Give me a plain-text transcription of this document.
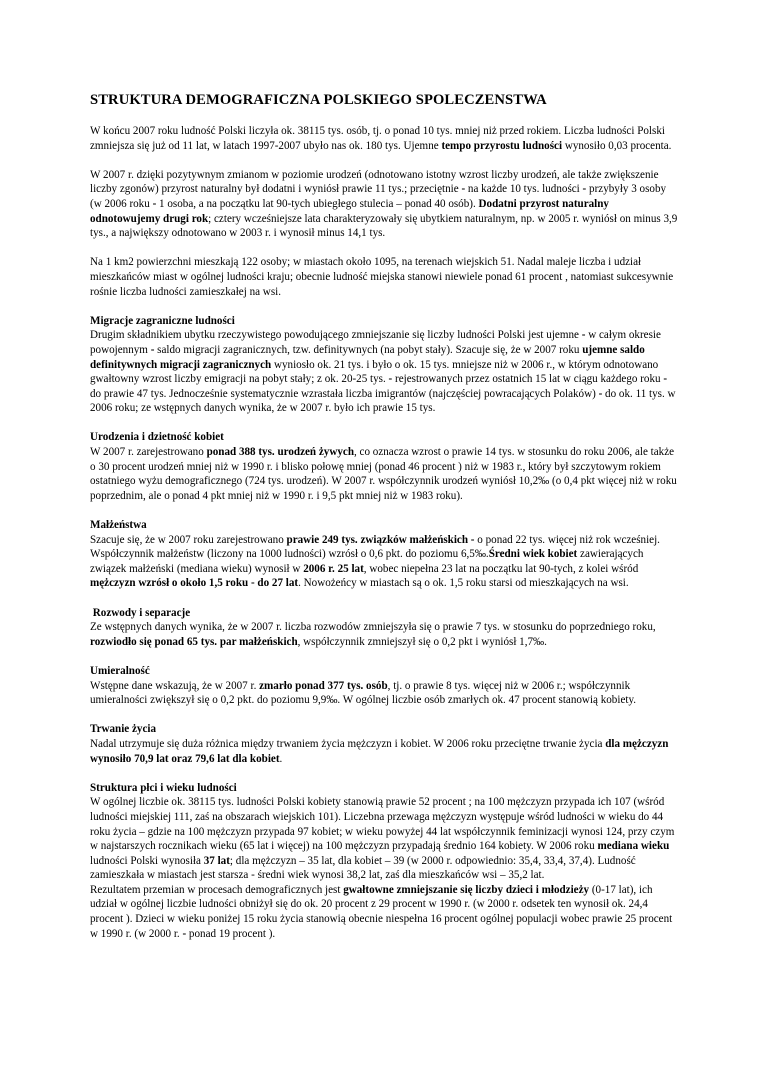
STRUKTURA DEMOGRAFICZNA POLSKIEGO SPOLECZENSTWA

W końcu 2007 roku ludność Polski liczyła ok. 38115 tys. osób, tj. o ponad 10 tys. mniej niż przed rokiem. Liczba ludności Polski zmniejsza się już od 11 lat, w latach 1997-2007 ubyło nas ok. 180 tys. Ujemne tempo przyrostu ludności wynosiło 0,03 procenta.

W 2007 r. dzięki pozytywnym zmianom w poziomie urodzeń (odnotowano istotny wzrost liczby urodzeń, ale także zwiększenie liczby zgonów) przyrost naturalny był dodatni i wyniósł prawie 11 tys.; przeciętnie - na każde 10 tys. ludności - przybyły 3 osoby (w 2006 roku - 1 osoba, a na początku lat 90-tych ubiegłego stulecia – ponad 40 osób). Dodatni przyrost naturalny odnotowujemy drugi rok; cztery wcześniejsze lata charakteryzowały się ubytkiem naturalnym, np. w 2005 r. wyniósł on minus 3,9 tys., a największy odnotowano w 2003 r. i wynosił minus 14,1 tys.

Na 1 km2 powierzchni mieszkają 122 osoby; w miastach około 1095, na terenach wiejskich 51. Nadal maleje liczba i udział mieszkańców miast w ogólnej ludności kraju; obecnie ludność miejska stanowi niewiele ponad 61 procent , natomiast sukcesywnie rośnie liczba ludności zamieszkałej na wsi.

Migracje zagraniczne ludności
Drugim składnikiem ubytku rzeczywistego powodującego zmniejszanie się liczby ludności Polski jest ujemne - w całym okresie powojennym - saldo migracji zagranicznych, tzw. definitywnych (na pobyt stały). Szacuje się, że w 2007 roku ujemne saldo definitywnych migracji zagranicznych wyniosło ok. 21 tys. i było o ok. 15 tys. mniejsze niż w 2006 r., w którym odnotowano gwałtowny wzrost liczby emigracji na pobyt stały; z ok. 20-25 tys. - rejestrowanych przez ostatnich 15 lat w ciągu każdego roku - do prawie 47 tys. Jednocześnie systematycznie wzrastała liczba imigrantów (najczęściej powracających Polaków) - do ok. 11 tys. w 2006 roku; ze wstępnych danych wynika, że w 2007 r. było ich prawie 15 tys.

Urodzenia i dzietność kobiet
W 2007 r. zarejestrowano ponad 388 tys. urodzeń żywych, co oznacza wzrost o prawie 14 tys. w stosunku do roku 2006, ale także o 30 procent urodzeń mniej niż w 1990 r. i blisko połowę mniej (ponad 46 procent ) niż w 1983 r., który był szczytowym rokiem ostatniego wyżu demograficznego (724 tys. urodzeń). W 2007 r. współczynnik urodzeń wyniósł 10,2‰ (o 0,4 pkt więcej niż w roku poprzednim, ale o ponad 4 pkt mniej niż w 1990 r. i 9,5 pkt mniej niż w 1983 roku).

Małżeństwa
Szacuje się, że w 2007 roku zarejestrowano prawie 249 tys. związków małżeńskich - o ponad 22 tys. więcej niż rok wcześniej. Współczynnik małżeństw (liczony na 1000 ludności) wzrósł o 0,6 pkt. do poziomu 6,5‰.Średni wiek kobiet zawierających związek małżeński (mediana wieku) wynosił w 2006 r. 25 lat, wobec niepełna 23 lat na początku lat 90-tych, z kolei wśród mężczyzn wzrósł o około 1,5 roku - do 27 lat. Nowożeńcy w miastach są o ok. 1,5 roku starsi od mieszkających na wsi.

Rozwody i separacje
Ze wstępnych danych wynika, że w 2007 r. liczba rozwodów zmniejszyła się o prawie 7 tys. w stosunku do poprzedniego roku, rozwiodło się ponad 65 tys. par małżeńskich, współczynnik zmniejszył się o 0,2 pkt i wyniósł 1,7‰.

Umieralność
Wstępne dane wskazują, że w 2007 r. zmarło ponad 377 tys. osób, tj. o prawie 8 tys. więcej niż w 2006 r.; współczynnik umieralności zwiększył się o 0,2 pkt. do poziomu 9,9‰. W ogólnej liczbie osób zmarłych ok. 47 procent stanowią kobiety.

Trwanie życia
Nadal utrzymuje się duża różnica między trwaniem życia mężczyzn i kobiet. W 2006 roku przeciętne trwanie życia dla mężczyzn wynosiło 70,9 lat oraz 79,6 lat dla kobiet.

Struktura płci i wieku ludności
W ogólnej liczbie ok. 38115 tys. ludności Polski kobiety stanowią prawie 52 procent ; na 100 mężczyzn przypada ich 107 (wśród ludności miejskiej 111, zaś na obszarach wiejskich 101). Liczebna przewaga mężczyzn występuje wśród ludności w wieku do 44 roku życia – gdzie na 100 mężczyzn przypada 97 kobiet; w wieku powyżej 44 lat współczynnik feminizacji wynosi 124, przy czym w najstarszych rocznikach wieku (65 lat i więcej) na 100 mężczyzn przypadają średnio 164 kobiety. W 2006 roku mediana wieku ludności Polski wynosiła 37 lat; dla mężczyzn – 35 lat, dla kobiet – 39 (w 2000 r. odpowiednio: 35,4, 33,4, 37,4). Ludność zamieszkała w miastach jest starsza - średni wiek wynosi 38,2 lat, zaś dla mieszkańców wsi – 35,2 lat.

Rezultatem przemian w procesach demograficznych jest gwałtowne zmniejszanie się liczby dzieci i młodzieży (0-17 lat), ich udział w ogólnej liczbie ludności obniżył się do ok. 20 procent z 29 procent w 1990 r. (w 2000 r. odsetek ten wynosił ok. 24,4 procent ). Dzieci w wieku poniżej 15 roku życia stanowią obecnie niespełna 16 procent ogólnej populacji wobec prawie 25 procent w 1990 r. (w 2000 r. - ponad 19 procent ).
